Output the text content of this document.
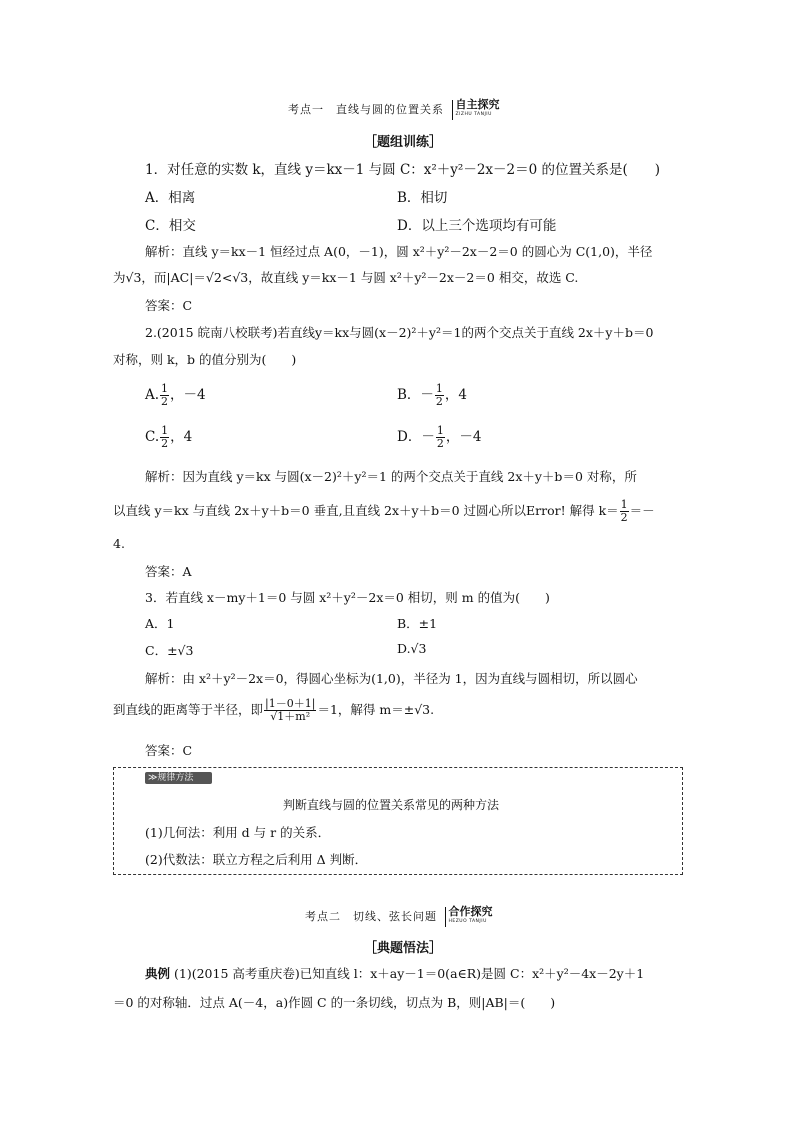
考点一　直线与圆的位置关系 自主探究
ZIZHU TANJIU
［题组训练］
1．对任意的实数 k，直线 y＝kx－1 与圆 C：x²＋y²－2x－2＝0 的位置关系是(　　)
A．相离	B．相切
C．相交	D．以上三个选项均有可能
解析：直线 y＝kx－1 恒经过点 A(0，－1)，圆 x²＋y²－2x－2＝0 的圆心为 C(1,0)，半径
为√3，而|AC|＝√2<√3，故直线 y＝kx－1 与圆 x²＋y²－2x－2＝0 相交，故选 C.
答案：C
2.(2015 皖南八校联考)若直线y＝kx与圆(x－2)²＋y²＝1的两个交点关于直线 2x＋y＋b＝0
对称，则 k，b 的值分别为(　　)
A. $\frac{1}{2}$ ，－4	B．－ $\frac{1}{2}$ ，4
C. $\frac{1}{2}$ ，4	D．－ $\frac{1}{2}$ ，－4
解析：因为直线 y＝kx 与圆(x－2)²＋y²＝1 的两个交点关于直线 2x＋y＋b＝0 对称，所
以直线 y＝kx 与直线 2x＋y＋b＝0 垂直,且直线 2x＋y＋b＝0 过圆心所以Error! 解得 $k= \frac{1}{2}$ ＝－
4.
答案：A
3．若直线 x－my＋1＝0 与圆 x²＋y²－2x＝0 相切，则 m 的值为(　　)
A．1	B．±1
C．±√3	D.√3
解析：由 x²＋y²－2x＝0，得圆心坐标为(1,0)，半径为 1，因为直线与圆相切，所以圆心
到直线的距离等于半径，即 $\frac{|1-0+1|}{\text{√1＋m²}} =1$，解得 m＝±√3.
答案：C
≫规律方法
判断直线与圆的位置关系常见的两种方法
(1)几何法：利用 d 与 r 的关系．
(2)代数法：联立方程之后利用 Δ 判断．
考点二　切线、弦长问题 合作探究
HEZUO TANJIU
［典题悟法］
典例 (1)(2015 高考重庆卷)已知直线 l：x＋ay－1＝0(a∈R)是圆 C：x²＋y²－4x－2y＋1
＝0 的对称轴．过点 A(－4，a)作圆 C 的一条切线，切点为 B，则|AB|＝(　　)
